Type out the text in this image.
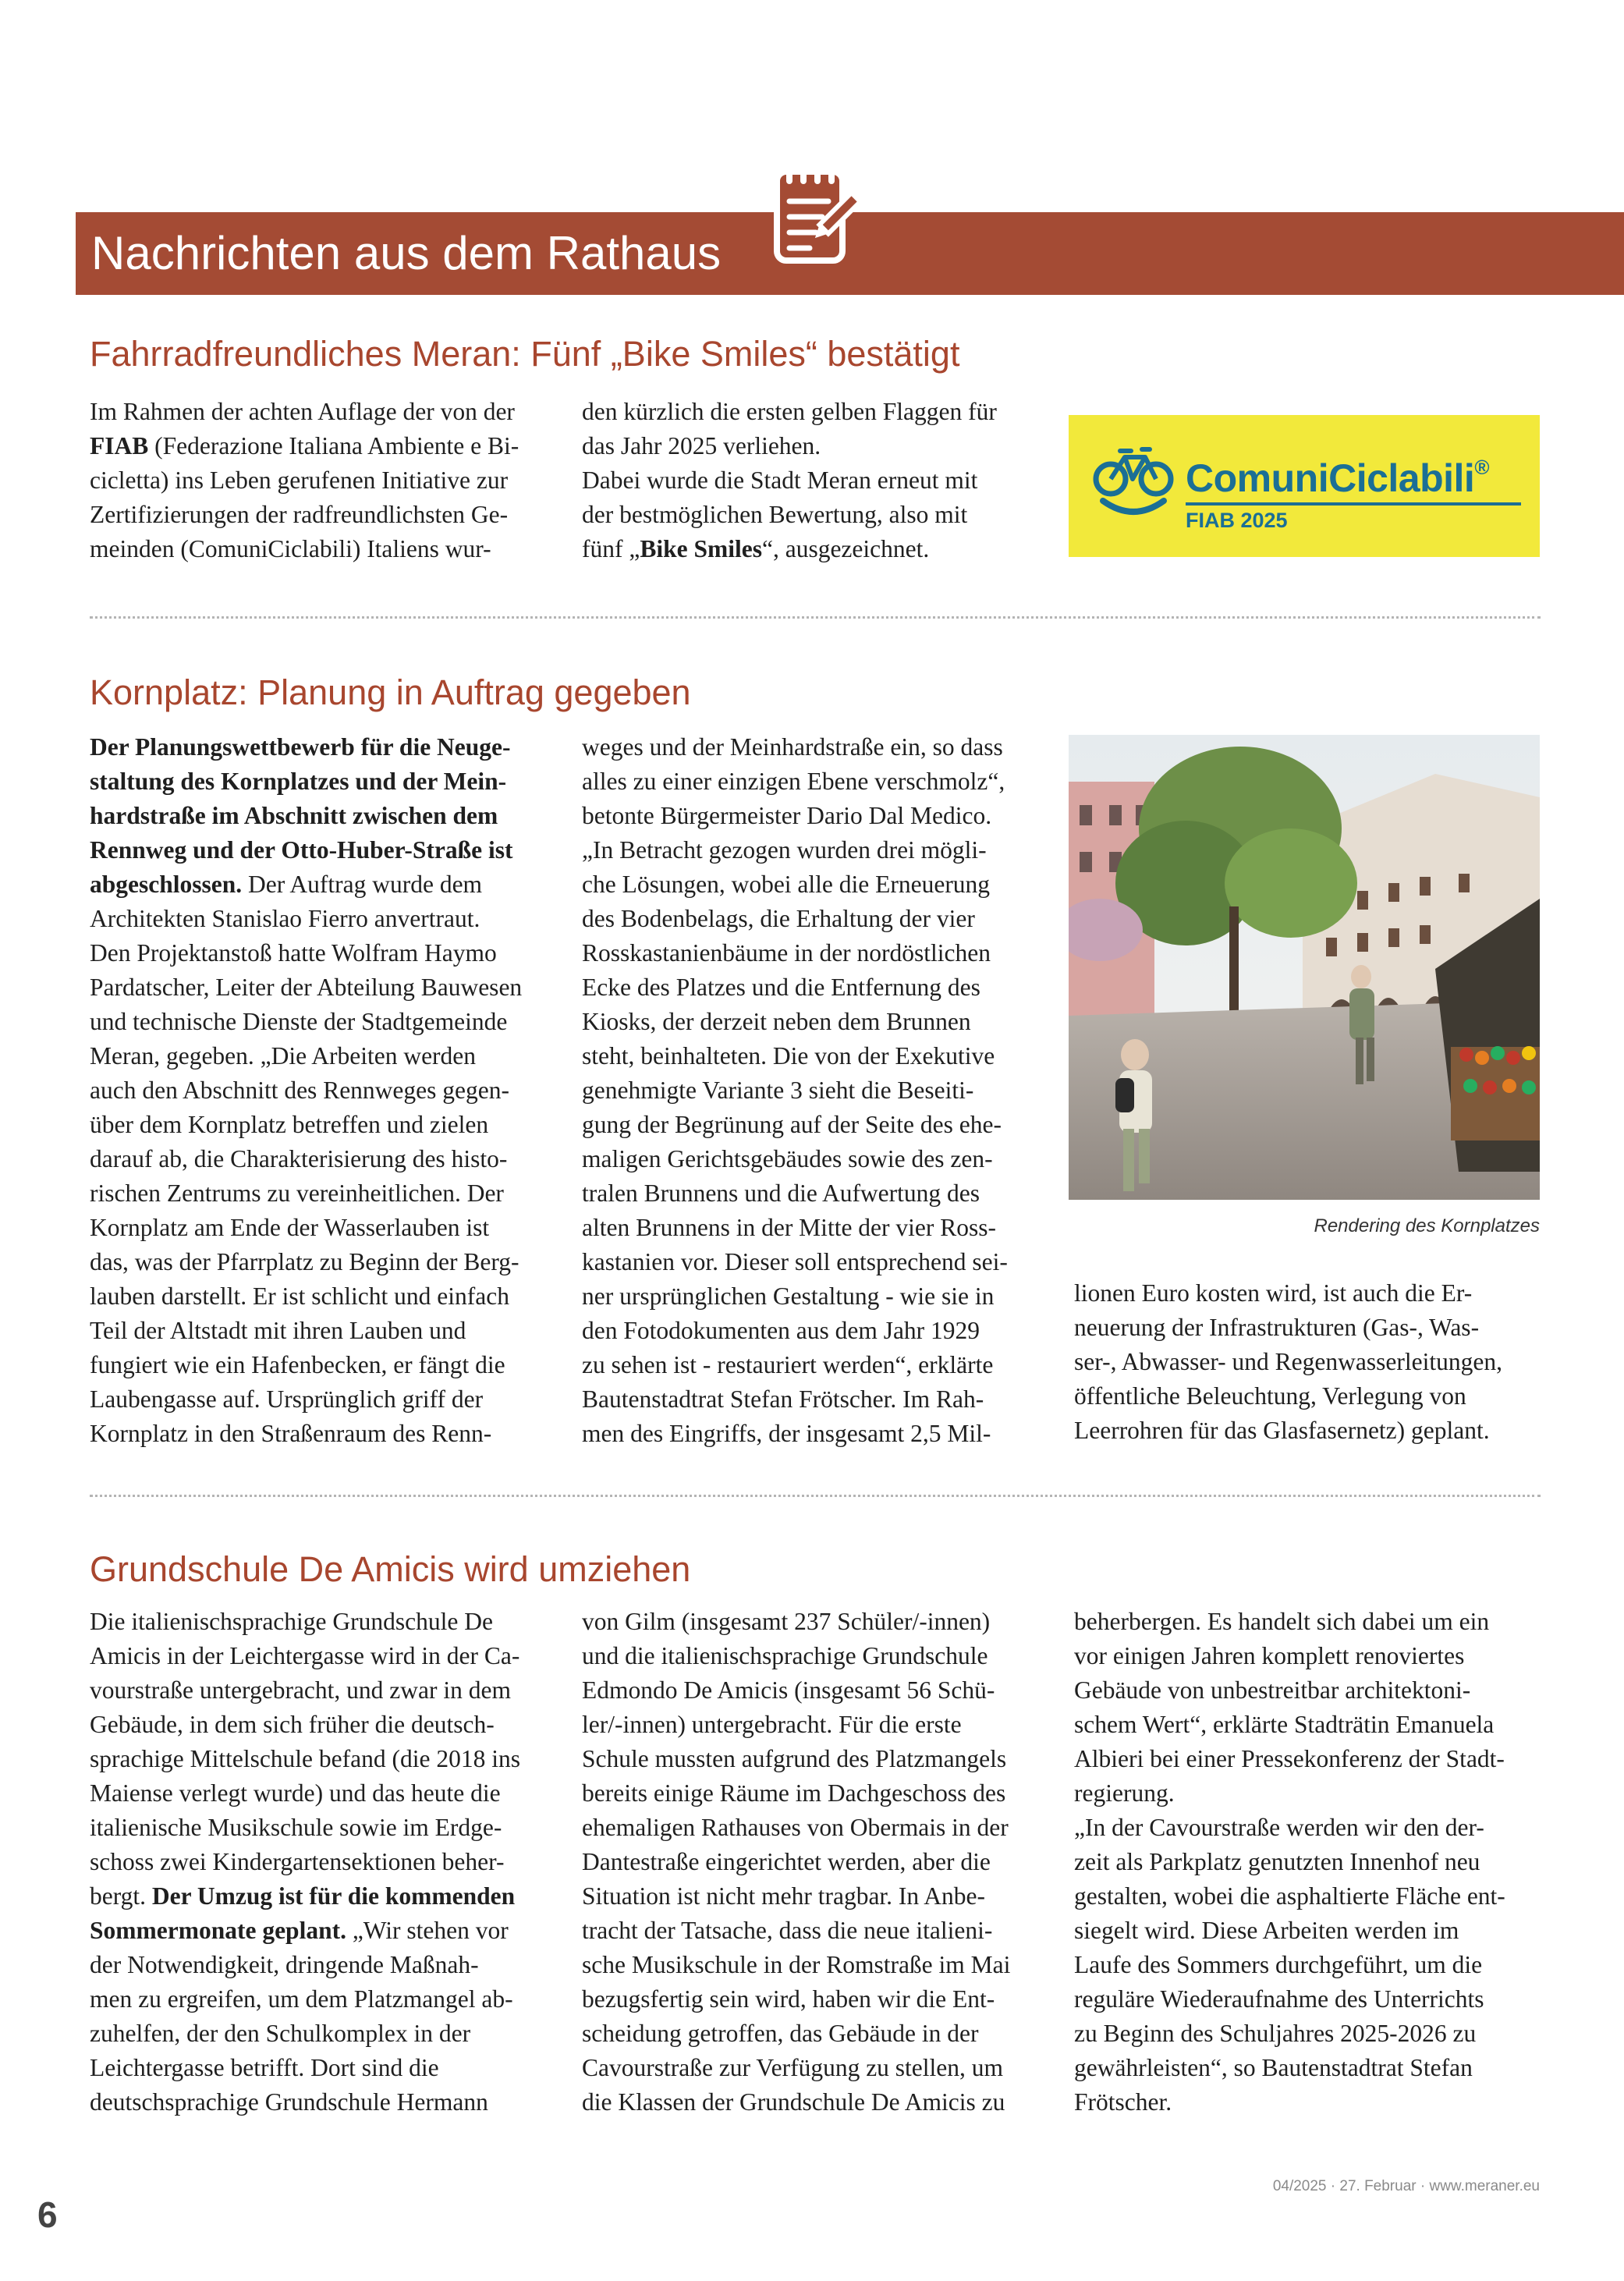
Nachrichten aus dem Rathaus
Fahrradfreundliches Meran: Fünf „Bike Smiles“ bestätigt

Im Rahmen der achten Auflage der von der
FIAB (Federazione Italiana Ambiente e Bi-
cicletta) ins Leben gerufenen Initiative zur
Zertifizierungen der radfreundlichsten Ge-
meinden (ComuniCiclabili) Italiens wur-

den kürzlich die ersten gelben Flaggen für
das Jahr 2025 verliehen.
Dabei wurde die Stadt Meran erneut mit
der bestmöglichen Bewertung, also mit
fünf „Bike Smiles“, ausgezeichnet.

ComuniCiclabili®
FIAB 2025
Kornplatz: Planung in Auftrag gegeben

Der Planungswettbewerb für die Neuge-
staltung des Kornplatzes und der Mein-
hardstraße im Abschnitt zwischen dem
Rennweg und der Otto-Huber-Straße ist
abgeschlossen. Der Auftrag wurde dem
Architekten Stanislao Fierro anvertraut.
Den Projektanstoß hatte Wolfram Haymo
Pardatscher, Leiter der Abteilung Bauwesen
und technische Dienste der Stadtgemeinde
Meran, gegeben. „Die Arbeiten werden
auch den Abschnitt des Rennweges gegen-
über dem Kornplatz betreffen und zielen
darauf ab, die Charakterisierung des histo-
rischen Zentrums zu vereinheitlichen. Der
Kornplatz am Ende der Wasserlauben ist
das, was der Pfarrplatz zu Beginn der Berg-
lauben darstellt. Er ist schlicht und einfach
Teil der Altstadt mit ihren Lauben und
fungiert wie ein Hafenbecken, er fängt die
Laubengasse auf. Ursprünglich griff der
Kornplatz in den Straßenraum des Renn-

weges und der Meinhardstraße ein, so dass
alles zu einer einzigen Ebene verschmolz“,
betonte Bürgermeister Dario Dal Medico.
„In Betracht gezogen wurden drei mögli-
che Lösungen, wobei alle die Erneuerung
des Bodenbelags, die Erhaltung der vier
Rosskastanienbäume in der nordöstlichen
Ecke des Platzes und die Entfernung des
Kiosks, der derzeit neben dem Brunnen
steht, beinhalteten. Die von der Exekutive
genehmigte Variante 3 sieht die Beseiti-
gung der Begrünung auf der Seite des ehe-
maligen Gerichtsgebäudes sowie des zen-
tralen Brunnens und die Aufwertung des
alten Brunnens in der Mitte der vier Ross-
kastanien vor. Dieser soll entsprechend sei-
ner ursprünglichen Gestaltung - wie sie in
den Fotodokumenten aus dem Jahr 1929
zu sehen ist - restauriert werden“, erklärte
Bautenstadtrat Stefan Frötscher. Im Rah-
men des Eingriffs, der insgesamt 2,5 Mil-

Rendering des Kornplatzes

lionen Euro kosten wird, ist auch die Er-
neuerung der Infrastrukturen (Gas-, Was-
ser-, Abwasser- und Regenwasserleitungen,
öffentliche Beleuchtung, Verlegung von
Leerrohren für das Glasfasernetz) geplant.

Grundschule De Amicis wird umziehen

Die italienischsprachige Grundschule De
Amicis in der Leichtergasse wird in der Ca-
vourstraße untergebracht, und zwar in dem
Gebäude, in dem sich früher die deutsch-
sprachige Mittelschule befand (die 2018 ins
Maiense verlegt wurde) und das heute die
italienische Musikschule sowie im Erdge-
schoss zwei Kindergartensektionen beher-
bergt. Der Umzug ist für die kommenden
Sommermonate geplant. „Wir stehen vor
der Notwendigkeit, dringende Maßnah-
men zu ergreifen, um dem Platzmangel ab-
zuhelfen, der den Schulkomplex in der
Leichtergasse betrifft. Dort sind die
deutschsprachige Grundschule Hermann

von Gilm (insgesamt 237 Schüler/-innen)
und die italienischsprachige Grundschule
Edmondo De Amicis (insgesamt 56 Schü-
ler/-innen) untergebracht. Für die erste
Schule mussten aufgrund des Platzmangels
bereits einige Räume im Dachgeschoss des
ehemaligen Rathauses von Obermais in der
Dantestraße eingerichtet werden, aber die
Situation ist nicht mehr tragbar. In Anbe-
tracht der Tatsache, dass die neue italieni-
sche Musikschule in der Romstraße im Mai
bezugsfertig sein wird, haben wir die Ent-
scheidung getroffen, das Gebäude in der
Cavourstraße zur Verfügung zu stellen, um
die Klassen der Grundschule De Amicis zu

beherbergen. Es handelt sich dabei um ein
vor einigen Jahren komplett renoviertes
Gebäude von unbestreitbar architektoni-
schem Wert“, erklärte Stadträtin Emanuela
Albieri bei einer Pressekonferenz der Stadt-
regierung.
„In der Cavourstraße werden wir den der-
zeit als Parkplatz genutzten Innenhof neu
gestalten, wobei die asphaltierte Fläche ent-
siegelt wird. Diese Arbeiten werden im
Laufe des Sommers durchgeführt, um die
reguläre Wiederaufnahme des Unterrichts
zu Beginn des Schuljahres 2025-2026 zu
gewährleisten“, so Bautenstadtrat Stefan
Frötscher.

04/2025 · 27. Februar · www.meraner.eu
6
